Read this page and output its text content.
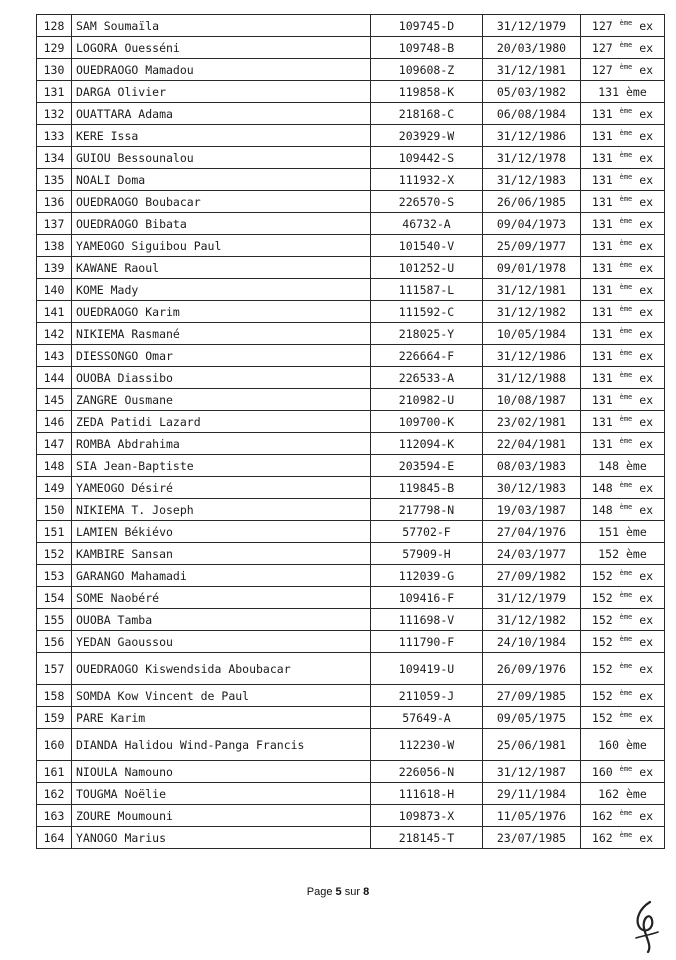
128	SAM Soumaïla	109745-D	31/12/1979	127 $^{ème}$ ex
129	LOGORA Ouesséni	109748-B	20/03/1980	127 $^{ème}$ ex
130	OUEDRAOGO Mamadou	109608-Z	31/12/1981	127 $^{ème}$ ex
131	DARGA Olivier	119858-K	05/03/1982	131 ème
132	OUATTARA Adama	218168-C	06/08/1984	131 $^{ème}$ ex
133	KERE Issa	203929-W	31/12/1986	131 $^{ème}$ ex
134	GUIOU Bessounalou	109442-S	31/12/1978	131 $^{ème}$ ex
135	NOALI Doma	111932-X	31/12/1983	131 $^{ème}$ ex
136	OUEDRAOGO Boubacar	226570-S	26/06/1985	131 $^{ème}$ ex
137	OUEDRAOGO Bibata	46732-A	09/04/1973	131 $^{ème}$ ex
138	YAMEOGO Siguibou Paul	101540-V	25/09/1977	131 $^{ème}$ ex
139	KAWANE Raoul	101252-U	09/01/1978	131 $^{ème}$ ex
140	KOME Mady	111587-L	31/12/1981	131 $^{ème}$ ex
141	OUEDRAOGO Karim	111592-C	31/12/1982	131 $^{ème}$ ex
142	NIKIEMA Rasmané	218025-Y	10/05/1984	131 $^{ème}$ ex
143	DIESSONGO Omar	226664-F	31/12/1986	131 $^{ème}$ ex
144	OUOBA Diassibo	226533-A	31/12/1988	131 $^{ème}$ ex
145	ZANGRE Ousmane	210982-U	10/08/1987	131 $^{ème}$ ex
146	ZEDA Patidi Lazard	109700-K	23/02/1981	131 $^{ème}$ ex
147	ROMBA Abdrahima	112094-K	22/04/1981	131 $^{ème}$ ex
148	SIA Jean-Baptiste	203594-E	08/03/1983	148 ème
149	YAMEOGO Désiré	119845-B	30/12/1983	148 $^{ème}$ ex
150	NIKIEMA T. Joseph	217798-N	19/03/1987	148 $^{ème}$ ex
151	LAMIEN Békiévo	57702-F	27/04/1976	151 ème
152	KAMBIRE Sansan	57909-H	24/03/1977	152 ème
153	GARANGO Mahamadi	112039-G	27/09/1982	152 $^{ème}$ ex
154	SOME Naobéré	109416-F	31/12/1979	152 $^{ème}$ ex
155	OUOBA Tamba	111698-V	31/12/1982	152 $^{ème}$ ex
156	YEDAN Gaoussou	111790-F	24/10/1984	152 $^{ème}$ ex
157	OUEDRAOGO Kiswendsida Aboubacar	109419-U	26/09/1976	152 $^{ème}$ ex
158	SOMDA Kow Vincent de Paul	211059-J	27/09/1985	152 $^{ème}$ ex
159	PARE Karim	57649-A	09/05/1975	152 $^{ème}$ ex
160	DIANDA Halidou Wind-Panga Francis	112230-W	25/06/1981	160 ème
161	NIOULA Namouno	226056-N	31/12/1987	160 $^{ème}$ ex
162	TOUGMA Noëlie	111618-H	29/11/1984	162 ème
163	ZOURE Moumouni	109873-X	11/05/1976	162 $^{ème}$ ex
164	YANOGO Marius	218145-T	23/07/1985	162 $^{ème}$ ex
Page 5 sur 8
